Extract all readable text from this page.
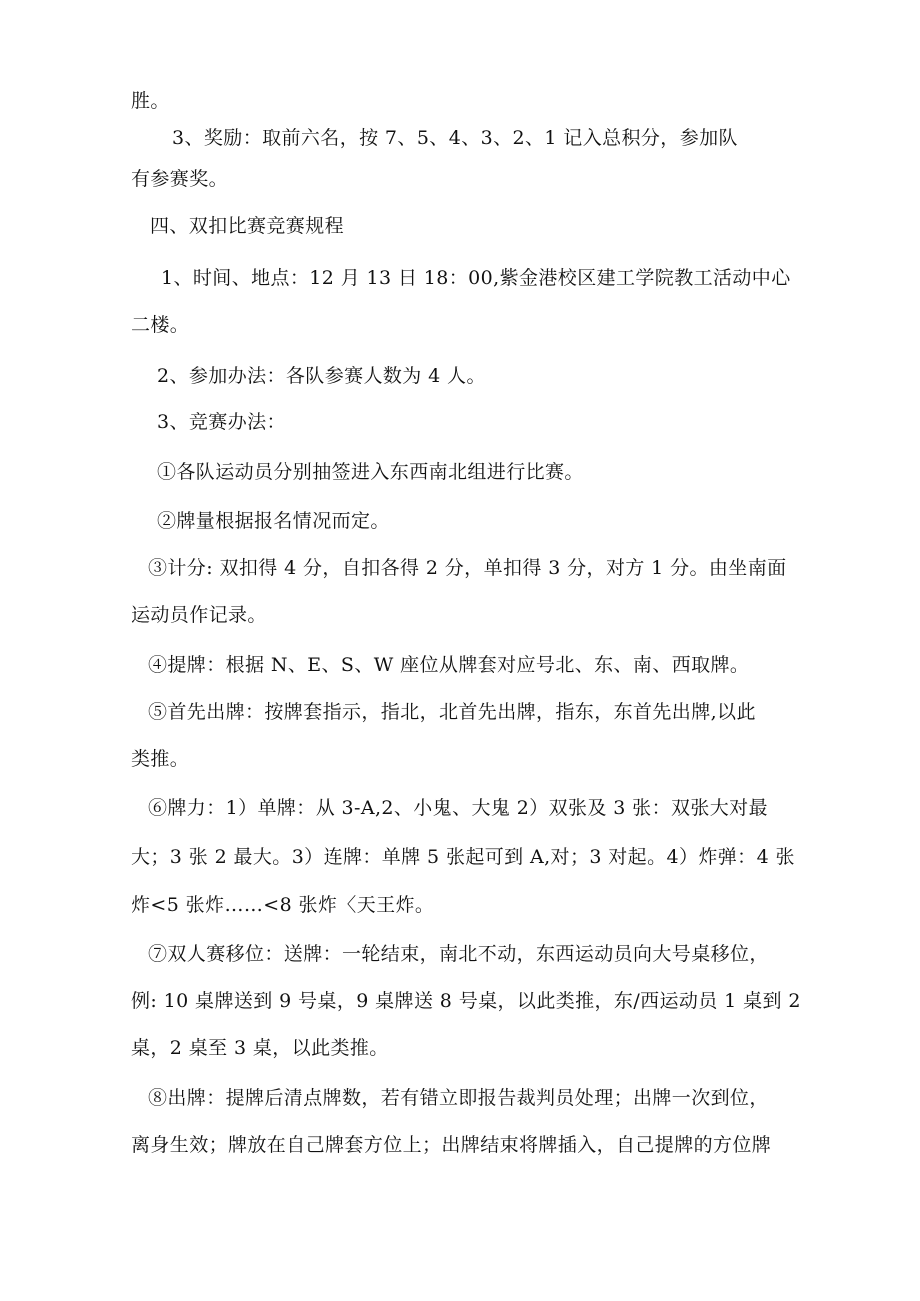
胜。
3、奖励：取前六名，按 7、5、4、3、2、1 记入总积分，参加队
有参赛奖。
四、双扣比赛竞赛规程
1、时间、地点：12 月 13 日 18：00,紫金港校区建工学院教工活动中心
二楼。
2、参加办法：各队参赛人数为 4 人。
3、竞赛办法：
①各队运动员分别抽签进入东西南北组进行比赛。
②牌量根据报名情况而定。
③计分: 双扣得 4 分，自扣各得 2 分，单扣得 3 分，对方 1 分。由坐南面
运动员作记录。
④提牌：根据 N、E、S、W 座位从牌套对应号北、东、南、西取牌。
⑤首先出牌：按牌套指示，指北，北首先出牌，指东，东首先出牌,以此
类推。
⑥牌力：1）单牌：从 3-A,2、小鬼、大鬼 2）双张及 3 张：双张大对最
大；3 张 2 最大。3）连牌：单牌 5 张起可到 A,对；3 对起。4）炸弹：4 张
炸<5 张炸……<8 张炸〈天王炸。
⑦双人赛移位：送牌：一轮结束，南北不动，东西运动员向大号桌移位，
例: 10 桌牌送到 9 号桌，9 桌牌送 8 号桌，以此类推，东/西运动员 1 桌到 2
桌，2 桌至 3 桌，以此类推。
⑧出牌：提牌后清点牌数，若有错立即报告裁判员处理；出牌一次到位，
离身生效；牌放在自己牌套方位上；出牌结束将牌插入，自己提牌的方位牌
